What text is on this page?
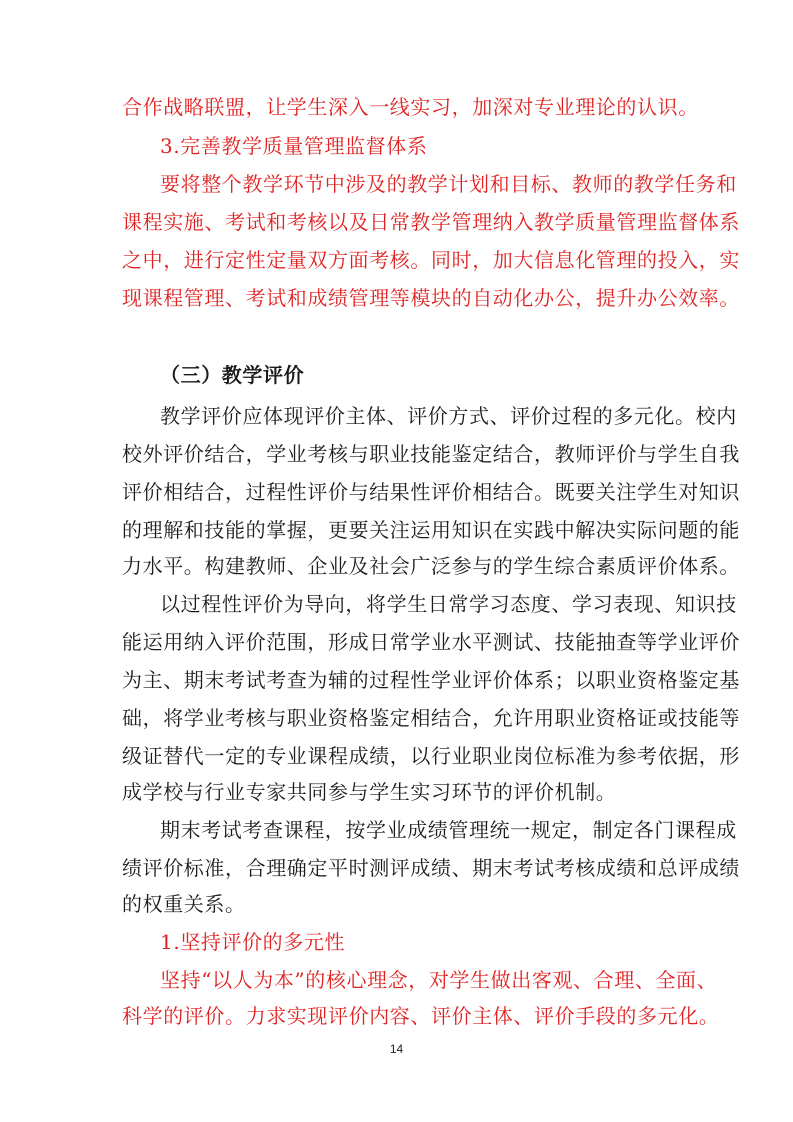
合作战略联盟，让学生深入一线实习，加深对专业理论的认识。
3.完善教学质量管理监督体系
要将整个教学环节中涉及的教学计划和目标、教师的教学任务和
课程实施、考试和考核以及日常教学管理纳入教学质量管理监督体系
之中，进行定性定量双方面考核。同时，加大信息化管理的投入，实
现课程管理、考试和成绩管理等模块的自动化办公，提升办公效率。
（三）教学评价
教学评价应体现评价主体、评价方式、评价过程的多元化。校内
校外评价结合，学业考核与职业技能鉴定结合，教师评价与学生自我
评价相结合，过程性评价与结果性评价相结合。既要关注学生对知识
的理解和技能的掌握，更要关注运用知识在实践中解决实际问题的能
力水平。构建教师、企业及社会广泛参与的学生综合素质评价体系。
以过程性评价为导向，将学生日常学习态度、学习表现、知识技
能运用纳入评价范围，形成日常学业水平测试、技能抽查等学业评价
为主、期末考试考查为辅的过程性学业评价体系；以职业资格鉴定基
础，将学业考核与职业资格鉴定相结合，允许用职业资格证或技能等
级证替代一定的专业课程成绩，以行业职业岗位标准为参考依据，形
成学校与行业专家共同参与学生实习环节的评价机制。
期末考试考查课程，按学业成绩管理统一规定，制定各门课程成
绩评价标准，合理确定平时测评成绩、期末考试考核成绩和总评成绩
的权重关系。
1.坚持评价的多元性
坚持“以人为本”的核心理念，对学生做出客观、合理、全面、
科学的评价。力求实现评价内容、评价主体、评价手段的多元化。
14
